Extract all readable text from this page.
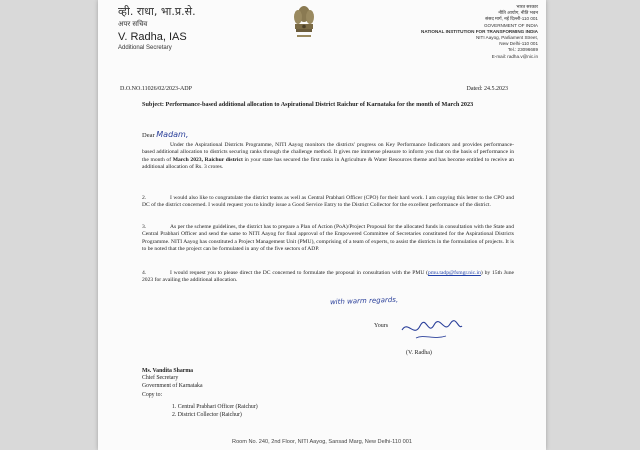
व्ही. राधा, भा.प्र.से.
अपर सचिव
V. Radha, IAS
Additional Secretary
भारत सरकार
नीति आयोग, नीति भवन
संसद मार्ग, नई दिल्ली-110 001
GOVERNMENT OF INDIA
NATIONAL INSTITUTION FOR TRANSFORMING INDIA
NITI Aayog, Parliament Street,
New Delhi-110 001
Tel.: 23096689
E-mail: radha.v@nic.in
D.O.NO.11026/02/2023-ADP	Dated: 24.5.2023
Subject: Performance-based additional allocation to Aspirational District Raichur of Karnataka for the month of March 2023
Dear Madam,
Under the Aspirational Districts Programme, NITI Aayog monitors the districts' progress on Key Performance Indicators and provides performance-based additional allocation to districts securing ranks through the challenge method. It gives me immense pleasure to inform you that on the basis of performance in the month of March 2023, Raichur district in your state has secured the first ranks in Agriculture & Water Resources theme and has become entitled to receive an additional allocation of Rs. 3 crores.
2.	I would also like to congratulate the district teams as well as Central Prabhari Officer (CPO) for their hard work. I am copying this letter to the CPO and DC of the district concerned. I would request you to kindly issue a Good Service Entry to the District Collector for the excellent performance of the district.
3.	As per the scheme guidelines, the district has to prepare a Plan of Action (PoA)/Project Proposal for the allocated funds in consultation with the State and Central Prabhari Officer and send the same to NITI Aayog for final approval of the Empowered Committee of Secretaries constituted for the Aspirational Districts Programme. NITI Aayog has constituted a Project Management Unit (PMU), comprising of a team of experts, to assist the districts in the formulation of projects. It is to be noted that the project can be formulated in any of the five sectors of ADP.
4.	I would request you to please direct the DC concerned to formulate the proposal in consultation with the PMU (pmu.tadp@fsmgr.nic.in) by 15th June 2023 for availing the additional allocation.
with warm regards,
Yours
(V. Radha)
Ms. Vandita Sharma
Chief Secretary
Government of Karnataka
Copy to:
1. Central Prabhari Officer (Raichur)
2. District Collector (Raichur)
Room No. 240, 2nd Floor, NITI Aayog, Sansad Marg, New Delhi-110 001
